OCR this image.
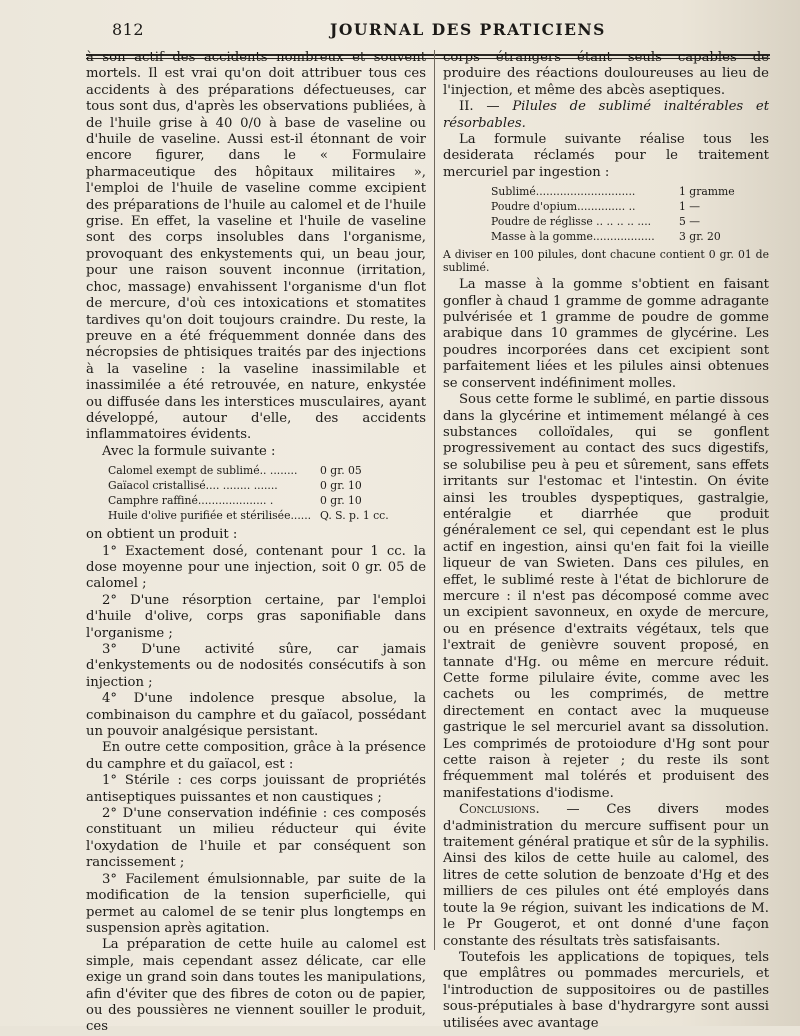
812	JOURNAL DES PRATICIENS

à son actif des accidents nombreux et souvent mortels. Il est vrai qu'on doit attribuer tous ces accidents à des préparations défectueuses, car tous sont dus, d'après les observations publiées, à de l'huile grise à 40 0/0 à base de vaseline ou d'huile de vaseline. Aussi est-il étonnant de voir encore figurer, dans le « Formulaire pharmaceutique des hôpitaux militaires », l'emploi de l'huile de vaseline comme excipient des préparations de l'huile au calomel et de l'huile grise. En effet, la vaseline et l'huile de vaseline sont des corps insolubles dans l'organisme, provoquant des enkystements qui, un beau jour, pour une raison souvent inconnue (irritation, choc, massage) envahissent l'organisme d'un flot de mercure, d'où ces intoxications et stomatites tardives qu'on doit toujours craindre. Du reste, la preuve en a été fréquemment donnée dans des nécropsies de phtisiques traités par des injections à la vaseline : la vaseline inassimilable et inassimilée a été retrouvée, en nature, enkystée ou diffusée dans les interstices musculaires, ayant développé, autour d'elle, des accidents inflammatoires évidents.

Avec la formule suivante :

Calomel exempt de sublimé.. ........	0 gr. 05
Gaïacol cristallisé.... ........ .......	0 gr. 10
Camphre raffiné.................... .	0 gr. 10
Huile d'olive purifiée et stérilisée...... Q. S. p. 1 cc.

on obtient un produit :

1° Exactement dosé, contenant pour 1 cc. la dose moyenne pour une injection, soit 0 gr. 05 de calomel ;

2° D'une résorption certaine, par l'emploi d'huile d'olive, corps gras saponifiable dans l'organisme ;

3° D'une activité sûre, car jamais d'enkystements ou de nodosités consécutifs à son injection ;

4° D'une indolence presque absolue, la combinaison du camphre et du gaïacol, possédant un pouvoir analgésique persistant.

En outre cette composition, grâce à la présence du camphre et du gaïacol, est :

1° Stérile : ces corps jouissant de propriétés antiseptiques puissantes et non caustiques ;

2° D'une conservation indéfinie : ces composés constituant un milieu réducteur qui évite l'oxydation de l'huile et par conséquent son rancissement ;

3° Facilement émulsionnable, par suite de la modification de la tension superficielle, qui permet au calomel de se tenir plus longtemps en suspension après agitation.

La préparation de cette huile au calomel est simple, mais cependant assez délicate, car elle exige un grand soin dans toutes les manipulations, afin d'éviter que des fibres de coton ou de papier, ou des poussières ne viennent souiller le produit, ces

corps étrangers étant seuls capables de produire des réactions douloureuses au lieu de l'injection, et même des abcès aseptiques.

II. — Pilules de sublimé inaltérables et résorbables.

La formule suivante réalise tous les desiderata réclamés pour le traitement mercuriel par ingestion :

Sublimé.............................	1 gramme
Poudre d'opium.............. ..	1 —
Poudre de réglisse .. .. .. .. ....	5 —
Masse à la gomme..................	3 gr. 20

A diviser en 100 pilules, dont chacune contient 0 gr. 01 de sublimé.

La masse à la gomme s'obtient en faisant gonfler à chaud 1 gramme de gomme adragante pulvérisée et 1 gramme de poudre de gomme arabique dans 10 grammes de glycérine. Les poudres incorporées dans cet excipient sont parfaitement liées et les pilules ainsi obtenues se conservent indéfiniment molles.

Sous cette forme le sublimé, en partie dissous dans la glycérine et intimement mélangé à ces substances colloïdales, qui se gonflent progressivement au contact des sucs digestifs, se solubilise peu à peu et sûrement, sans effets irritants sur l'estomac et l'intestin. On évite ainsi les troubles dyspeptiques, gastralgie, entéralgie et diarrhée que produit généralement ce sel, qui cependant est le plus actif en ingestion, ainsi qu'en fait foi la vieille liqueur de van Swieten. Dans ces pilules, en effet, le sublimé reste à l'état de bichlorure de mercure : il n'est pas décomposé comme avec un excipient savonneux, en oxyde de mercure, ou en présence d'extraits végétaux, tels que l'extrait de genièvre souvent proposé, en tannate d'Hg. ou même en mercure réduit. Cette forme pilulaire évite, comme avec les cachets ou les comprimés, de mettre directement en contact avec la muqueuse gastrique le sel mercuriel avant sa dissolution. Les comprimés de protoiodure d'Hg sont pour cette raison à rejeter ; du reste ils sont fréquemment mal tolérés et produisent des manifestations d'iodisme.

Conclusions. — Ces divers modes d'administration du mercure suffisent pour un traitement général pratique et sûr de la syphilis. Ainsi des kilos de cette huile au calomel, des litres de cette solution de benzoate d'Hg et des milliers de ces pilules ont été employés dans toute la 9e région, suivant les indications de M. le Pr Gougerot, et ont donné d'une façon constante des résultats très satisfaisants.

Toutefois les applications de topiques, tels que emplâtres ou pommades mercuriels, et l'introduction de suppositoires ou de pastilles sous-préputiales à base d'hydrargyre sont aussi utilisées avec avantage
